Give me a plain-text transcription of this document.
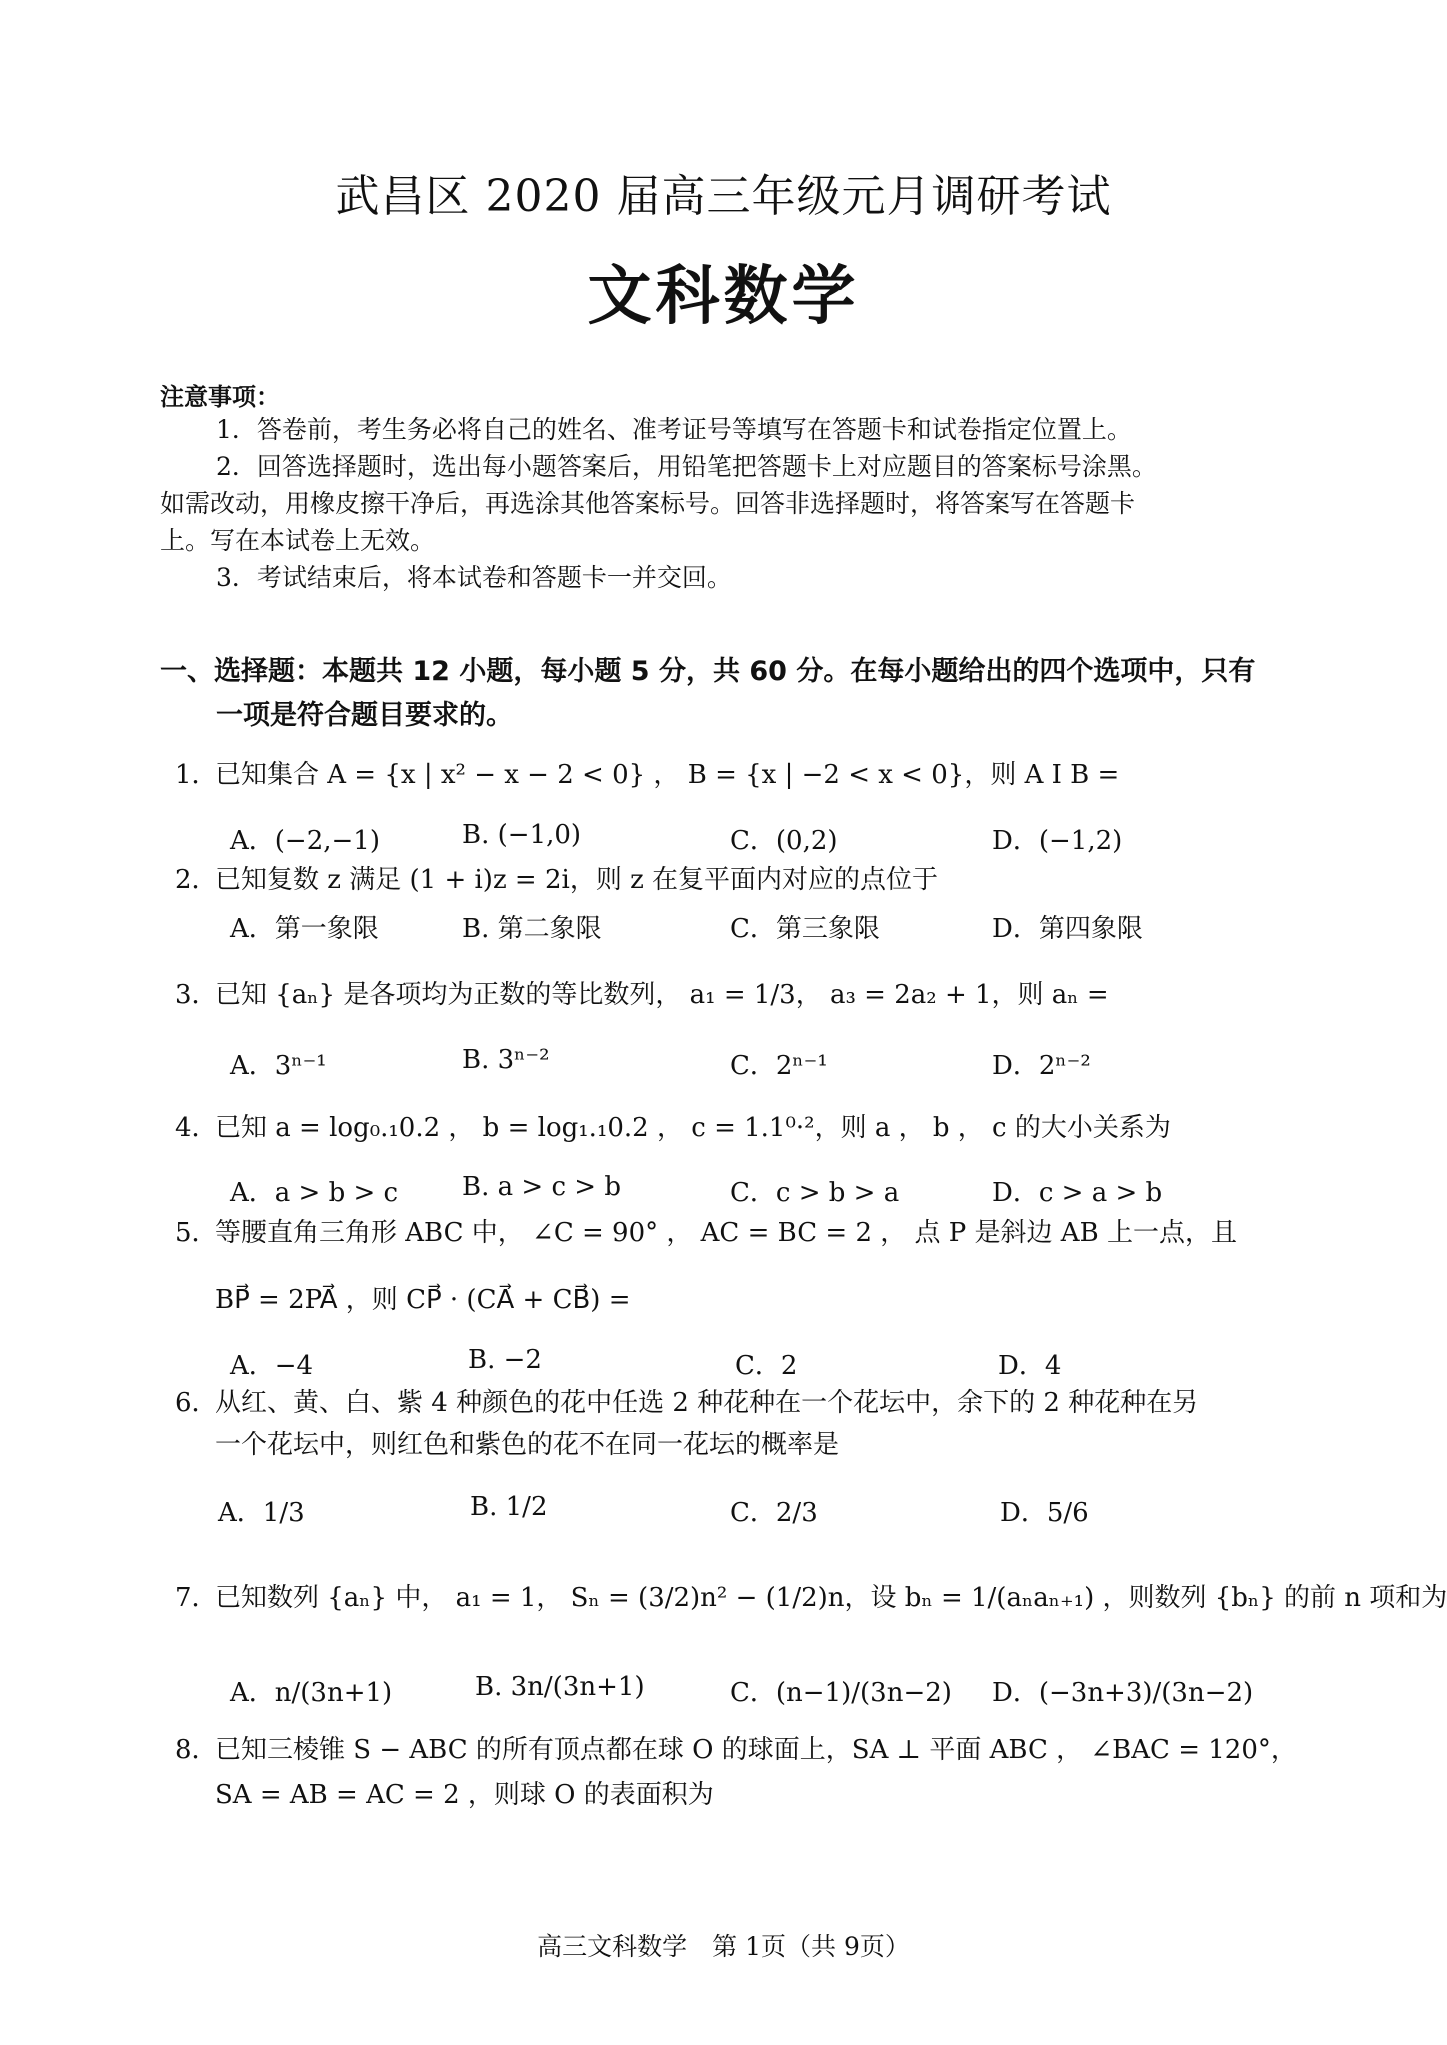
武昌区 2020 届高三年级元月调研考试
文科数学
注意事项：

1．答卷前，考生务必将自己的姓名、准考证号等填写在答题卡和试卷指定位置上。

2．回答选择题时，选出每小题答案后，用铅笔把答题卡上对应题目的答案标号涂黑。

如需改动，用橡皮擦干净后，再选涂其他答案标号。回答非选择题时，将答案写在答题卡

上。写在本试卷上无效。

3．考试结束后，将本试卷和答题卡一并交回。

一、选择题：本题共 12 小题，每小题 5 分，共 60 分。在每小题给出的四个选项中，只有
一项是符合题目要求的。
1．已知集合 A = {x | x² − x − 2 < 0} ， B = {x | −2 < x < 0}，则 A I B =
A．(−2,−1)	B. (−1,0)	C．(0,2)	D．(−1,2)
2．已知复数 z 满足 (1 + i)z = 2i，则 z 在复平面内对应的点位于
A．第一象限	B. 第二象限	C．第三象限	D．第四象限
3．已知 {aₙ} 是各项均为正数的等比数列， a₁ = 1/3， a₃ = 2a₂ + 1，则 aₙ =
A．3ⁿ⁻¹	B. 3ⁿ⁻²	C．2ⁿ⁻¹	D．2ⁿ⁻²
4．已知 a = log₀.₁0.2 ， b = log₁.₁0.2 ， c = 1.1⁰·²，则 a ， b ， c 的大小关系为
A．a > b > c B. a > c > b	C．c > b > a	D．c > a > b
5．等腰直角三角形 ABC 中， ∠C = 90° ， AC = BC = 2 ， 点 P 是斜边 AB 上一点，且
BP⃗ = 2PA⃗ ，则 CP⃗ · (CA⃗ + CB⃗) =
A．−4	B. −2	C．2	D．4
6．从红、黄、白、紫 4 种颜色的花中任选 2 种花种在一个花坛中，余下的 2 种花种在另
一个花坛中，则红色和紫色的花不在同一花坛的概率是
A．1/3	B. 1/2	C．2/3	D．5/6
7．已知数列 {aₙ} 中， a₁ = 1， Sₙ = (3/2)n² − (1/2)n，设 bₙ = 1/(aₙaₙ₊₁) ，则数列 {bₙ} 的前 n 项和为
A．n/(3n+1)	B. 3n/(3n+1)	C．(n−1)/(3n−2) D．(−3n+3)/(3n−2)
8．已知三棱锥 S − ABC 的所有顶点都在球 O 的球面上，SA ⊥ 平面 ABC ， ∠BAC = 120°，
SA = AB = AC = 2 ，则球 O 的表面积为
高三文科数学　第 1页（共 9页）
